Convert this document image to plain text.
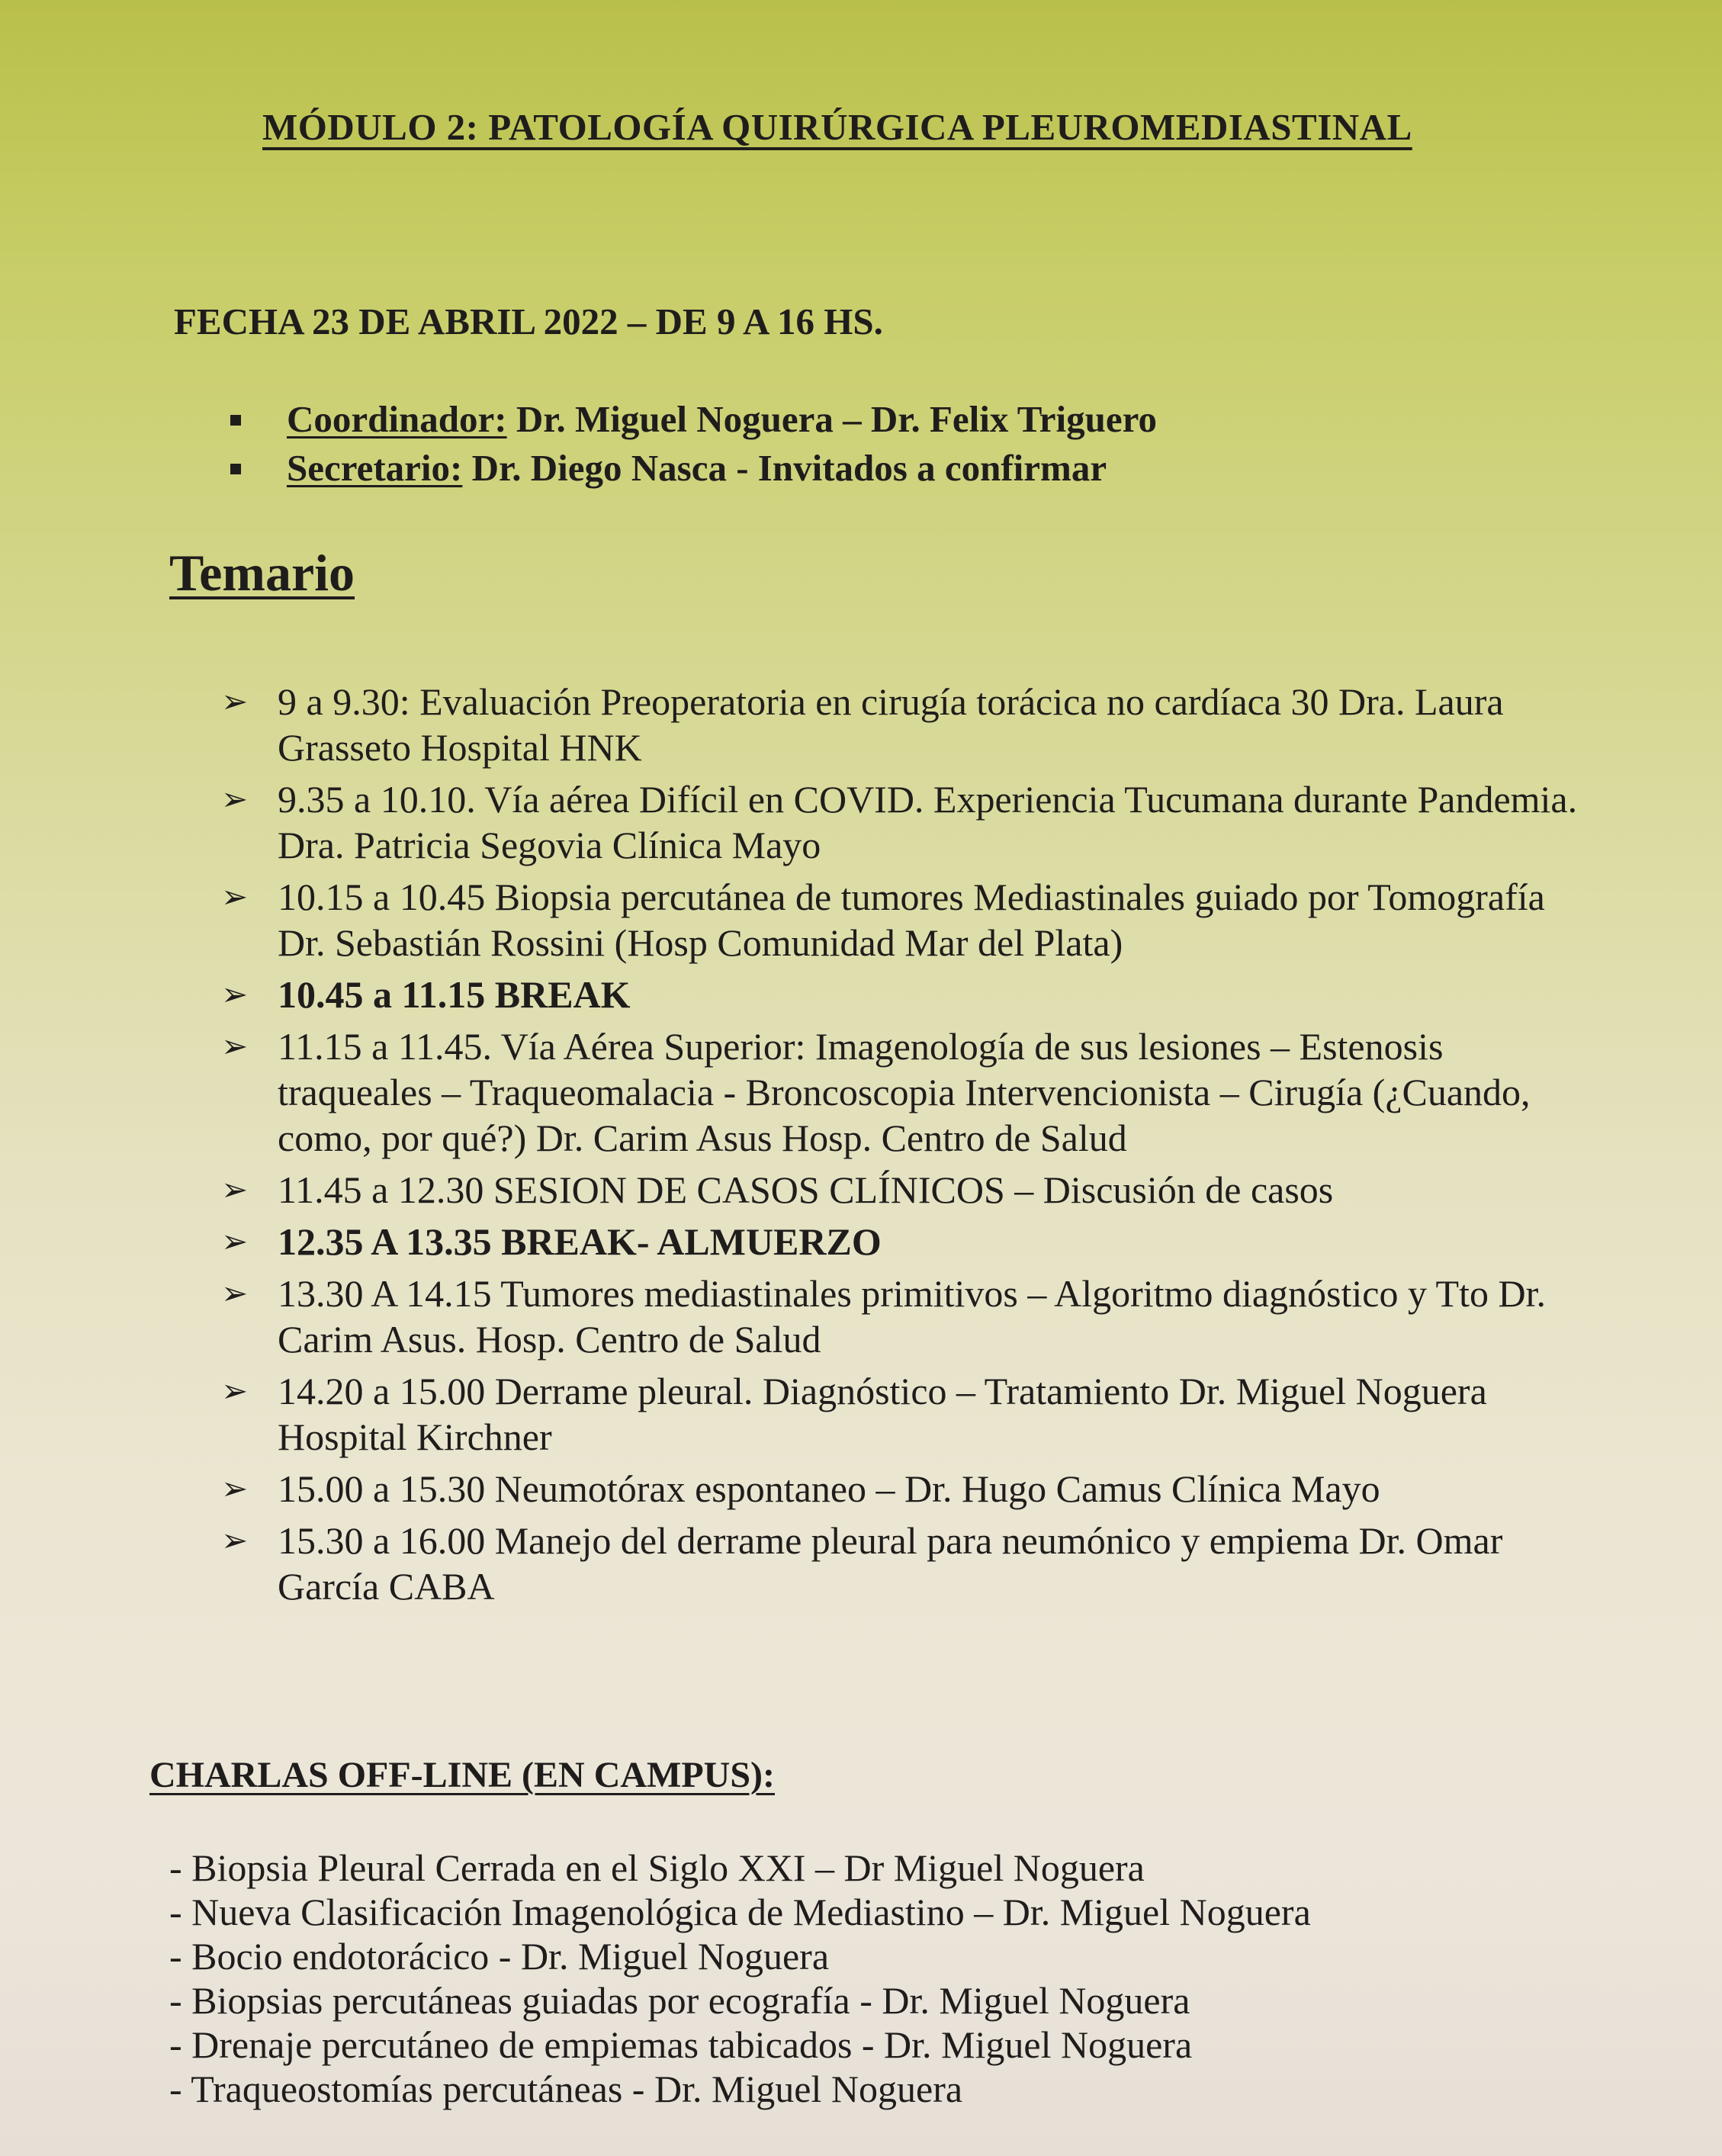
MÓDULO 2: PATOLOGÍA QUIRÚRGICA PLEUROMEDIASTINAL
FECHA 23 DE ABRIL 2022 – DE 9 A 16 HS.
Coordinador: Dr. Miguel Noguera – Dr. Felix Triguero
Secretario: Dr. Diego Nasca - Invitados a confirmar
Temario
➢ 9 a 9.30: Evaluación Preoperatoria en cirugía torácica no cardíaca 30 Dra. Laura Grasseto Hospital HNK
➢ 9.35 a 10.10. Vía aérea Difícil en COVID. Experiencia Tucumana durante Pandemia. Dra. Patricia Segovia Clínica Mayo
➢ 10.15 a 10.45 Biopsia percutánea de tumores Mediastinales guiado por Tomografía Dr. Sebastián Rossini (Hosp Comunidad Mar del Plata)
➢ 10.45 a 11.15 BREAK
➢ 11.15 a 11.45. Vía Aérea Superior: Imagenología de sus lesiones – Estenosis traqueales – Traqueomalacia - Broncoscopia Intervencionista – Cirugía (¿Cuando, como, por qué?) Dr. Carim Asus Hosp. Centro de Salud
➢ 11.45 a 12.30 SESION DE CASOS CLÍNICOS – Discusión de casos
➢ 12.35 A 13.35 BREAK- ALMUERZO
➢ 13.30 A 14.15 Tumores mediastinales primitivos – Algoritmo diagnóstico y Tto Dr. Carim Asus. Hosp. Centro de Salud
➢ 14.20 a 15.00 Derrame pleural. Diagnóstico – Tratamiento Dr. Miguel Noguera Hospital Kirchner
➢ 15.00 a 15.30 Neumotórax espontaneo – Dr. Hugo Camus Clínica Mayo
➢ 15.30 a 16.00 Manejo del derrame pleural para neumónico y empiema Dr. Omar García CABA
CHARLAS OFF-LINE (EN CAMPUS):
- Biopsia Pleural Cerrada en el Siglo XXI – Dr Miguel Noguera
- Nueva Clasificación Imagenológica de Mediastino – Dr. Miguel Noguera
- Bocio endotorácico - Dr. Miguel Noguera
- Biopsias percutáneas guiadas por ecografía - Dr. Miguel Noguera
- Drenaje percutáneo de empiemas tabicados - Dr. Miguel Noguera
- Traqueostomías percutáneas - Dr. Miguel Noguera
